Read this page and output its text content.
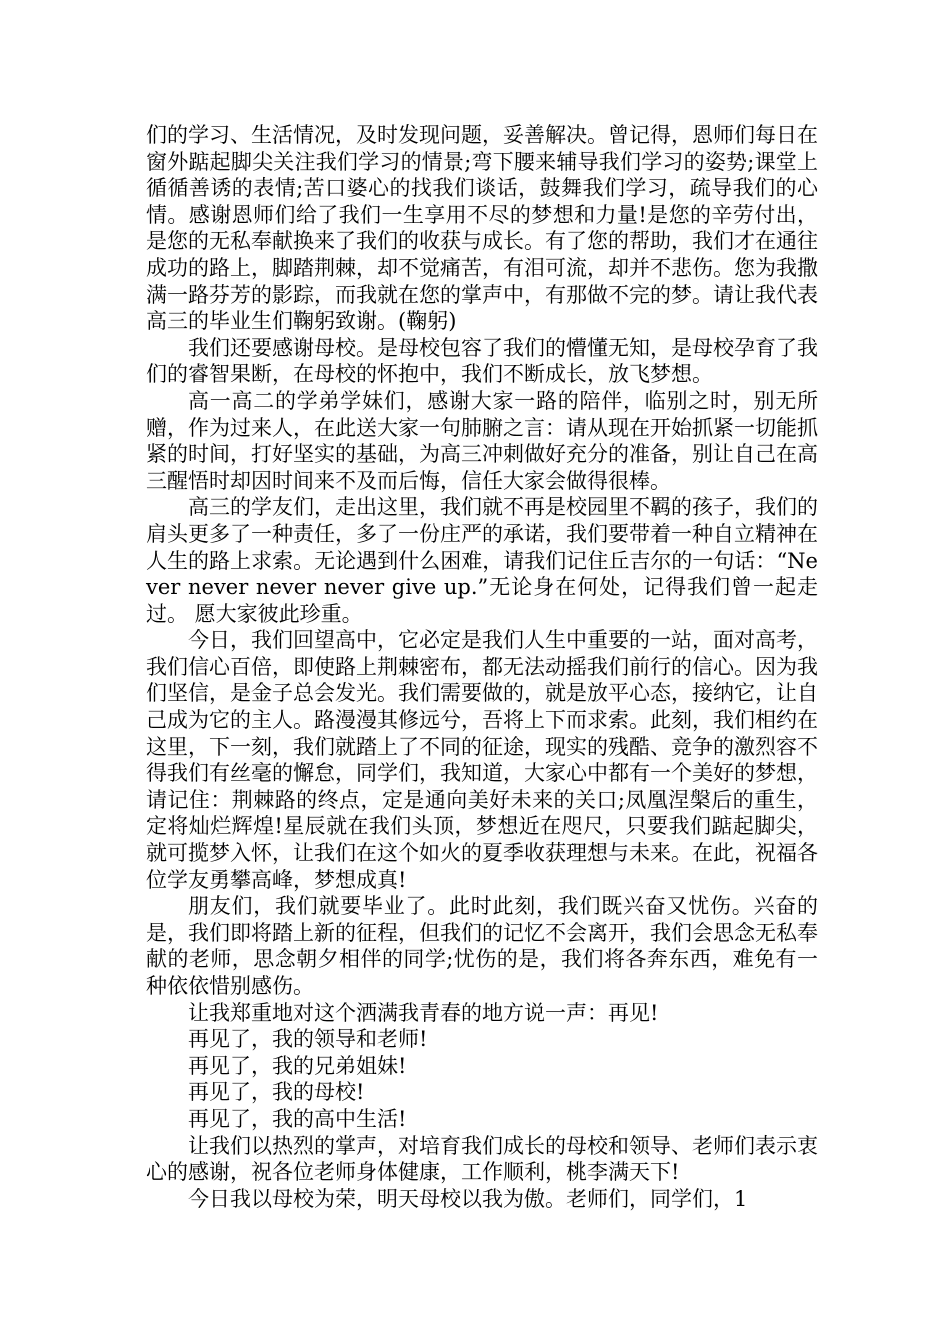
们的学习、生活情况，及时发现问题，妥善解决。曾记得，恩师们每日在窗外踮起脚尖关注我们学习的情景;弯下腰来辅导我们学习的姿势;课堂上循循善诱的表情;苦口婆心的找我们谈话，鼓舞我们学习，疏导我们的心情。感谢恩师们给了我们一生享用不尽的梦想和力量!是您的辛劳付出，是您的无私奉献换来了我们的收获与成长。有了您的帮助，我们才在通往成功的路上，脚踏荆棘，却不觉痛苦，有泪可流，却并不悲伤。您为我撒满一路芬芳的影踪，而我就在您的掌声中，有那做不完的梦。请让我代表高三的毕业生们鞠躬致谢。(鞠躬)

我们还要感谢母校。是母校包容了我们的懵懂无知，是母校孕育了我们的睿智果断，在母校的怀抱中，我们不断成长，放飞梦想。

高一高二的学弟学妹们，感谢大家一路的陪伴，临别之时，别无所赠，作为过来人，在此送大家一句肺腑之言：请从现在开始抓紧一切能抓紧的时间，打好坚实的基础，为高三冲刺做好充分的准备，别让自己在高三醒悟时却因时间来不及而后悔，信任大家会做得很棒。

高三的学友们，走出这里，我们就不再是校园里不羁的孩子，我们的肩头更多了一种责任，多了一份庄严的承诺，我们要带着一种自立精神在人生的路上求索。无论遇到什么困难，请我们记住丘吉尔的一句话：“Never never never never give up.”无论身在何处，记得我们曾一起走过。 愿大家彼此珍重。

今日，我们回望高中，它必定是我们人生中重要的一站，面对高考，我们信心百倍，即使路上荆棘密布，都无法动摇我们前行的信心。因为我们坚信，是金子总会发光。我们需要做的，就是放平心态，接纳它，让自己成为它的主人。路漫漫其修远兮，吾将上下而求索。此刻，我们相约在这里，下一刻，我们就踏上了不同的征途，现实的残酷、竞争的激烈容不得我们有丝毫的懈怠，同学们，我知道，大家心中都有一个美好的梦想，请记住：荆棘路的终点，定是通向美好未来的关口;凤凰涅槃后的重生，定将灿烂辉煌!星辰就在我们头顶，梦想近在咫尺，只要我们踮起脚尖，就可揽梦入怀，让我们在这个如火的夏季收获理想与未来。在此，祝福各位学友勇攀高峰，梦想成真!

朋友们，我们就要毕业了。此时此刻，我们既兴奋又忧伤。兴奋的是，我们即将踏上新的征程，但我们的记忆不会离开，我们会思念无私奉献的老师，思念朝夕相伴的同学;忧伤的是，我们将各奔东西，难免有一种依依惜别感伤。

让我郑重地对这个洒满我青春的地方说一声：再见!

再见了，我的领导和老师!

再见了，我的兄弟姐妹!

再见了，我的母校!

再见了，我的高中生活!

让我们以热烈的掌声，对培育我们成长的母校和领导、老师们表示衷心的感谢，祝各位老师身体健康，工作顺利，桃李满天下!

今日我以母校为荣，明天母校以我为傲。老师们，同学们，1
